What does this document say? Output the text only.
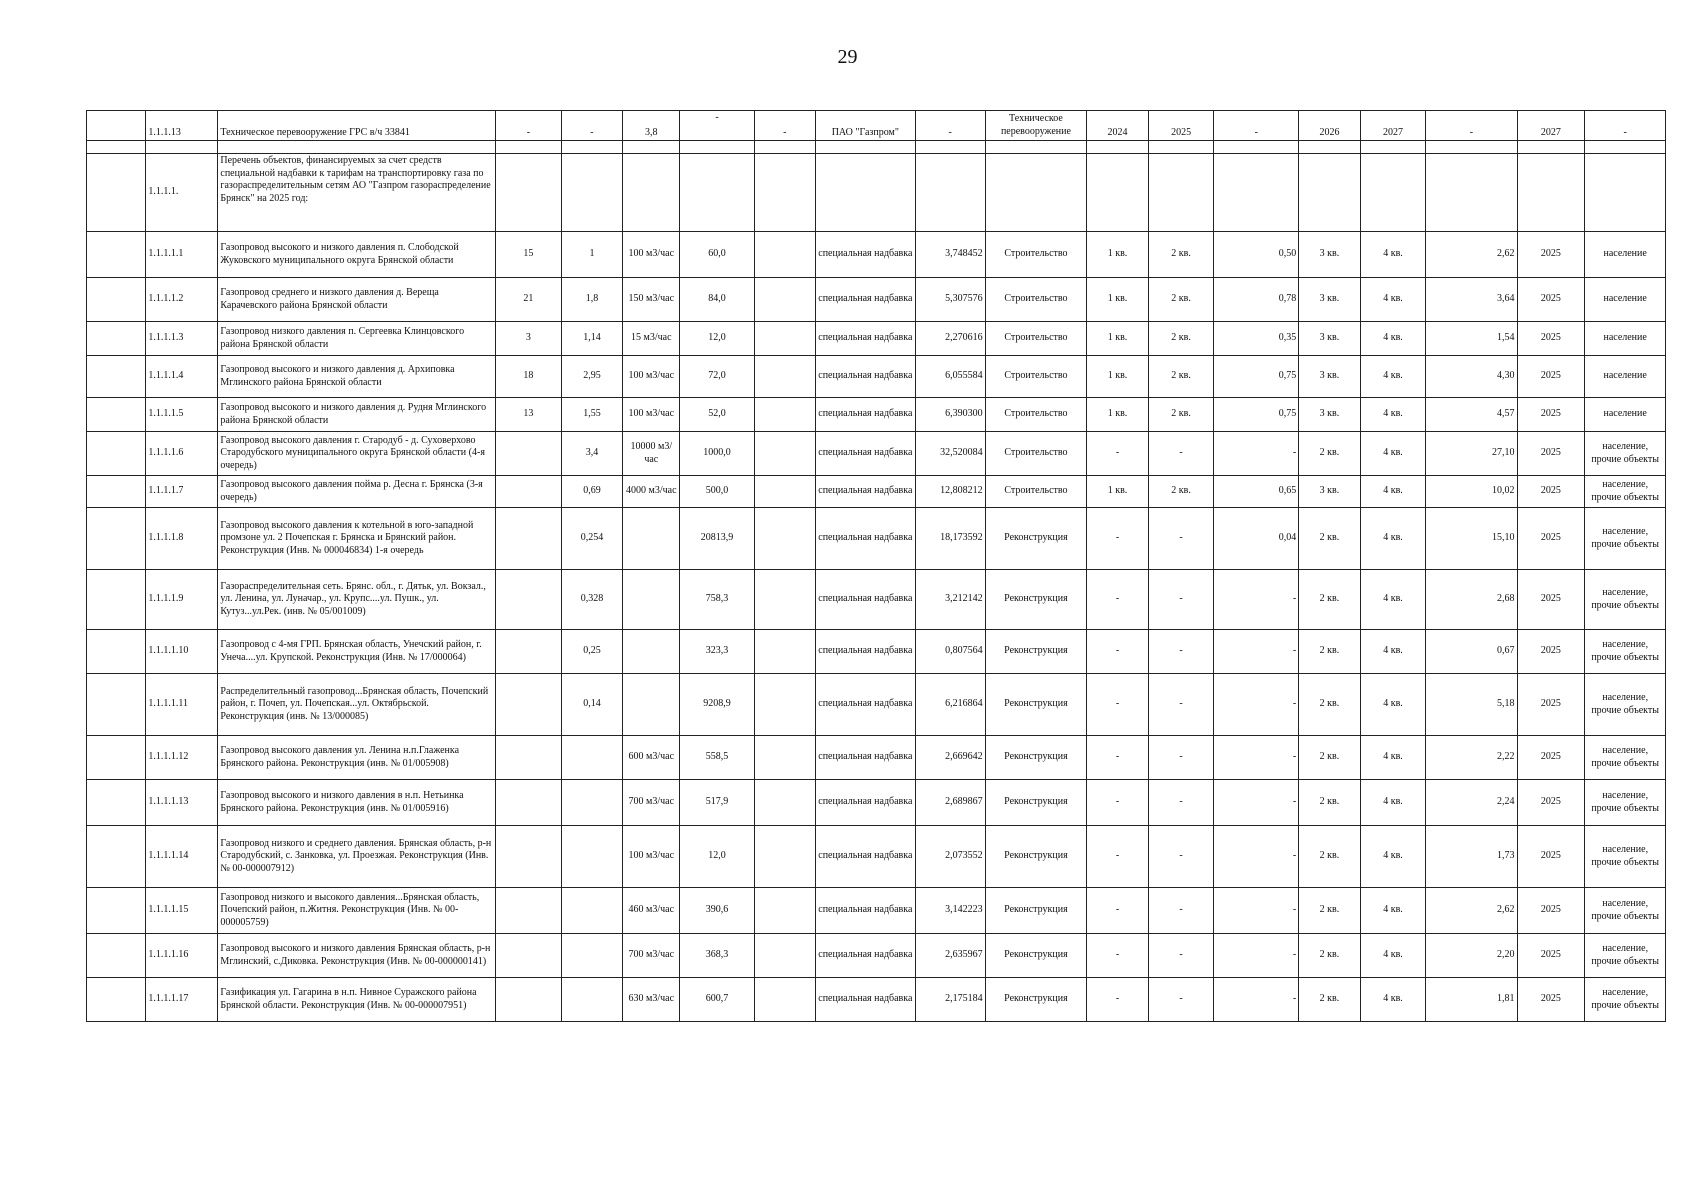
29
	1.1.1.13	Техническое перевооружение ГРС в/ч 33841	-	-	3,8	-	-	ПАО "Газпром"	-	Техническое перевооружение	2024	2025	-	2026	2027	-	2027	-

	1.1.1.1.	Перечень объектов, финансируемых за счет средств специальной надбавки к тарифам на транспортировку газа по газораспределительным сетям АО "Газпром газораспределение Брянск" на 2025 год:																
	1.1.1.1.1	Газопровод высокого и низкого давления п. Слободской Жуковского муниципального округа Брянской области	15	1	100 м3/час	60,0		специальная надбавка	3,748452	Строительство	1 кв.	2 кв.	0,50	3 кв.	4 кв.	2,62	2025	население
	1.1.1.1.2	Газопровод среднего и низкого давления д. Вереща Карачевского района Брянской области	21	1,8	150 м3/час	84,0		специальная надбавка	5,307576	Строительство	1 кв.	2 кв.	0,78	3 кв.	4 кв.	3,64	2025	население
	1.1.1.1.3	Газопровод низкого давления п. Сергеевка Клинцовского района Брянской области	3	1,14	15 м3/час	12,0		специальная надбавка	2,270616	Строительство	1 кв.	2 кв.	0,35	3 кв.	4 кв.	1,54	2025	население
	1.1.1.1.4	Газопровод высокого и низкого давления д. Архиповка Мглинского района Брянской области	18	2,95	100 м3/час	72,0		специальная надбавка	6,055584	Строительство	1 кв.	2 кв.	0,75	3 кв.	4 кв.	4,30	2025	население
	1.1.1.1.5	Газопровод высокого и низкого давления д. Рудня Мглинского района Брянской области	13	1,55	100 м3/час	52,0		специальная надбавка	6,390300	Строительство	1 кв.	2 кв.	0,75	3 кв.	4 кв.	4,57	2025	население
	1.1.1.1.6	Газопровод высокого давления г. Стародуб - д. Суховерхово Стародубского муниципального округа Брянской области (4-я очередь)		3,4	10000 м3/час	1000,0		специальная надбавка	32,520084	Строительство	-	-	-	2 кв.	4 кв.	27,10	2025	население, прочие объекты
	1.1.1.1.7	Газопровод высокого давления пойма р. Десна г. Брянска (3-я очередь)		0,69	4000 м3/час	500,0		специальная надбавка	12,808212	Строительство	1 кв.	2 кв.	0,65	3 кв.	4 кв.	10,02	2025	население, прочие объекты
	1.1.1.1.8	Газопровод высокого давления к котельной в юго-западной промзоне ул. 2 Почепская г. Брянска и Брянский район. Реконструкция (Инв. № 000046834) 1-я очередь		0,254		20813,9		специальная надбавка	18,173592	Реконструкция	-	-	0,04	2 кв.	4 кв.	15,10	2025	население, прочие объекты
	1.1.1.1.9	Газораспределительная сеть. Брянс. обл., г. Дятьк, ул. Вокзал., ул. Ленина, ул. Луначар., ул. Крупс....ул. Пушк., ул. Кутуз...ул.Рек. (инв. № 05/001009)		0,328		758,3		специальная надбавка	3,212142	Реконструкция	-	-	-	2 кв.	4 кв.	2,68	2025	население, прочие объекты
	1.1.1.1.10	Газопровод с 4-мя ГРП. Брянская область, Унечский район, г. Унеча....ул. Крупской. Реконструкция (Инв. № 17/000064)		0,25		323,3		специальная надбавка	0,807564	Реконструкция	-	-	-	2 кв.	4 кв.	0,67	2025	население, прочие объекты
	1.1.1.1.11	Распределительный газопровод...Брянская область, Почепский район, г. Почеп, ул. Почепская...ул. Октябрьской. Реконструкция (инв. № 13/000085)		0,14		9208,9		специальная надбавка	6,216864	Реконструкция	-	-	-	2 кв.	4 кв.	5,18	2025	население, прочие объекты
	1.1.1.1.12	Газопровод высокого давления ул. Ленина н.п.Глаженка Брянского района. Реконструкция (инв. № 01/005908)			600 м3/час	558,5		специальная надбавка	2,669642	Реконструкция	-	-	-	2 кв.	4 кв.	2,22	2025	население, прочие объекты
	1.1.1.1.13	Газопровод высокого и низкого давления в н.п. Нетьинка Брянского района. Реконструкция (инв. № 01/005916)			700 м3/час	517,9		специальная надбавка	2,689867	Реконструкция	-	-	-	2 кв.	4 кв.	2,24	2025	население, прочие объекты
	1.1.1.1.14	Газопровод низкого и среднего давления. Брянская область, р-н Стародубский, с. Занковка, ул. Проезжая. Реконструкция (Инв. № 00-000007912)			100 м3/час	12,0		специальная надбавка	2,073552	Реконструкция	-	-	-	2 кв.	4 кв.	1,73	2025	население, прочие объекты
	1.1.1.1.15	Газопровод низкого и высокого давления...Брянская область, Почепский район, п.Житня. Реконструкция (Инв. № 00-000005759)			460 м3/час	390,6		специальная надбавка	3,142223	Реконструкция	-	-	-	2 кв.	4 кв.	2,62	2025	население, прочие объекты
	1.1.1.1.16	Газопровод высокого и низкого давления Брянская область, р-н Мглинский, с.Диковка. Реконструкция (Инв. № 00-000000141)			700 м3/час	368,3		специальная надбавка	2,635967	Реконструкция	-	-	-	2 кв.	4 кв.	2,20	2025	население, прочие объекты
	1.1.1.1.17	Газификация ул. Гагарина в н.п. Нивное Суражского района Брянской области. Реконструкция (Инв. № 00-000007951)			630 м3/час	600,7		специальная надбавка	2,175184	Реконструкция	-	-	-	2 кв.	4 кв.	1,81	2025	население, прочие объекты
